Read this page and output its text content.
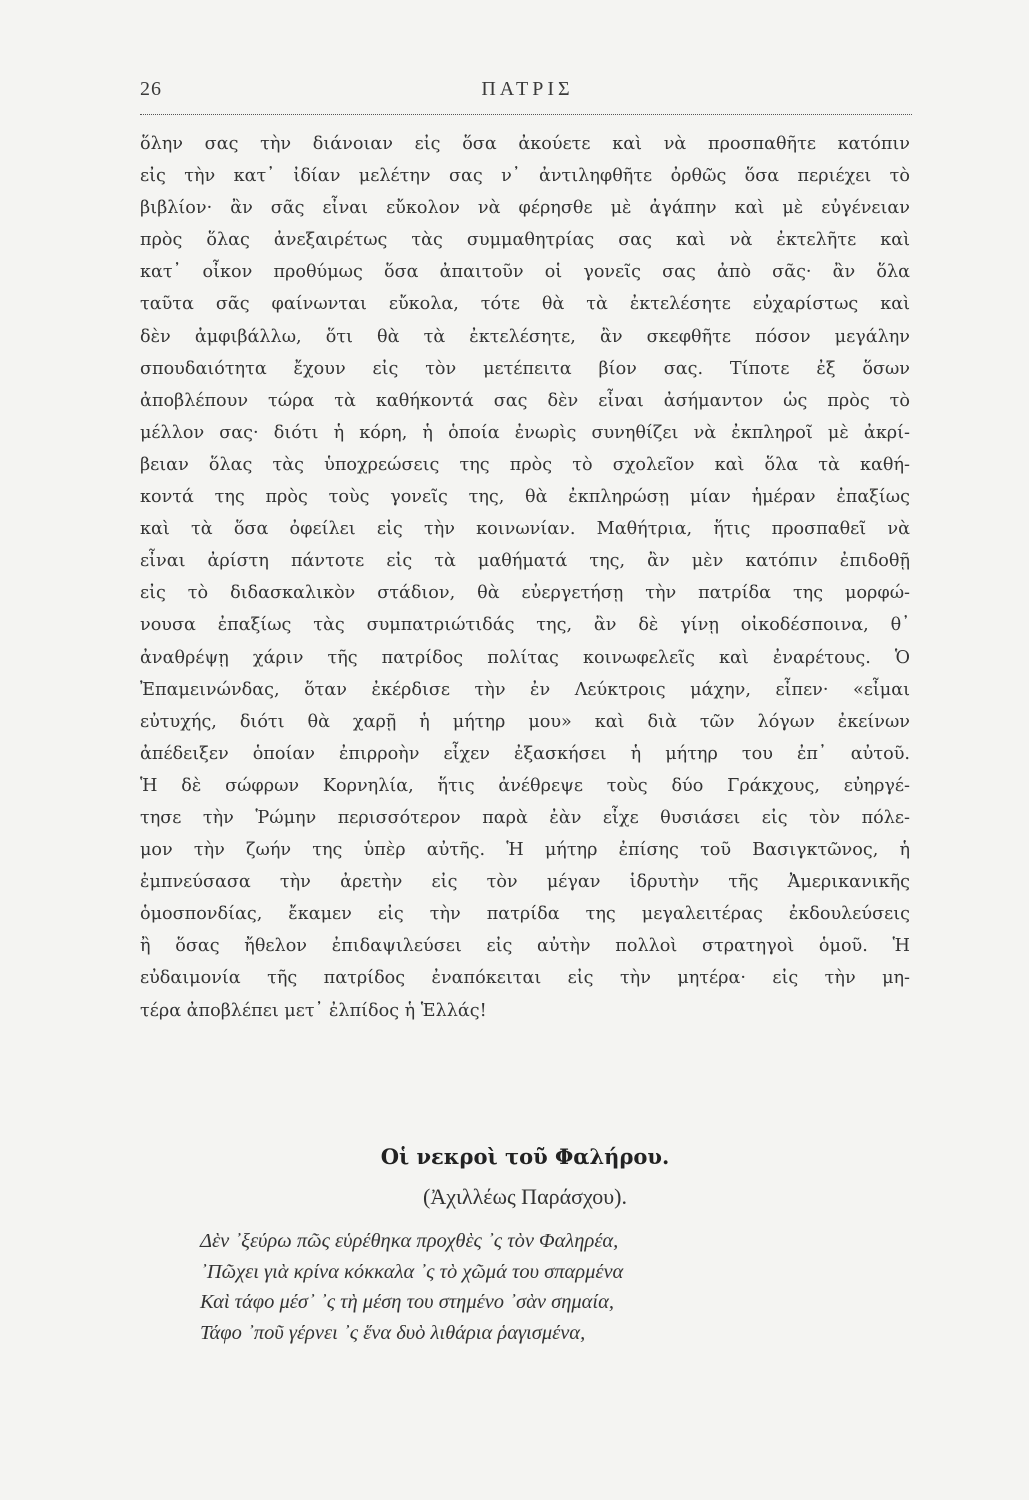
26	ΠΑΤΡΙΣ
ὅλην σας τὴν διάνοιαν εἰς ὅσα ἀκούετε καὶ νὰ προσπαθῆτε κατόπιν
εἰς τὴν κατ᾽ ἰδίαν μελέτην σας ν᾽ ἀντιληφθῆτε ὀρθῶς ὅσα περιέχει τὸ
βιβλίον· ἂν σᾶς εἶναι εὔκολον νὰ φέρησθε μὲ ἀγάπην καὶ μὲ εὐγένειαν
πρὸς ὅλας ἀνεξαιρέτως τὰς συμμαθητρίας σας καὶ νὰ ἐκτελῆτε καὶ
κατ᾽ οἶκον προθύμως ὅσα ἀπαιτοῦν οἱ γονεῖς σας ἀπὸ σᾶς· ἂν ὅλα
ταῦτα σᾶς φαίνωνται εὔκολα, τότε θὰ τὰ ἐκτελέσητε εὐχαρίστως καὶ
δὲν ἀμφιβάλλω, ὅτι θὰ τὰ ἐκτελέσητε, ἂν σκεφθῆτε πόσον μεγάλην
σπουδαιότητα ἔχουν εἰς τὸν μετέπειτα βίον σας. Τίποτε ἐξ ὅσων
ἀποβλέπουν τώρα τὰ καθήκοντά σας δὲν εἶναι ἀσήμαντον ὡς πρὸς τὸ
μέλλον σας· διότι ἡ κόρη, ἡ ὁποία ἐνωρὶς συνηθίζει νὰ ἐκπληροῖ μὲ ἀκρί-
βειαν ὅλας τὰς ὑποχρεώσεις της πρὸς τὸ σχολεῖον καὶ ὅλα τὰ καθή-
κοντά της πρὸς τοὺς γονεῖς της, θὰ ἐκπληρώσῃ μίαν ἡμέραν ἐπαξίως
καὶ τὰ ὅσα ὀφείλει εἰς τὴν κοινωνίαν. Μαθήτρια, ἥτις προσπαθεῖ νὰ
εἶναι ἀρίστη πάντοτε εἰς τὰ μαθήματά της, ἂν μὲν κατόπιν ἐπιδοθῇ
εἰς τὸ διδασκαλικὸν στάδιον, θὰ εὐεργετήσῃ τὴν πατρίδα της μορφώ-
νουσα ἐπαξίως τὰς συμπατριώτιδάς της, ἂν δὲ γίνῃ οἰκοδέσποινα, θ᾽
ἀναθρέψῃ χάριν τῆς πατρίδος πολίτας κοινωφελεῖς καὶ ἐναρέτους. Ὁ
Ἐπαμεινώνδας, ὅταν ἐκέρδισε τὴν ἐν Λεύκτροις μάχην, εἶπεν· «εἶμαι
εὐτυχής, διότι θὰ χαρῇ ἡ μήτηρ μου» καὶ διὰ τῶν λόγων ἐκείνων
ἀπέδειξεν ὁποίαν ἐπιρροὴν εἶχεν ἐξασκήσει ἡ μήτηρ του ἐπ᾽ αὐτοῦ.
Ἡ δὲ σώφρων Κορνηλία, ἥτις ἀνέθρεψε τοὺς δύο Γράκχους, εὐηργέ-
τησε τὴν Ῥώμην περισσότερον παρὰ ἐὰν εἶχε θυσιάσει εἰς τὸν πόλε-
μον τὴν ζωήν της ὑπὲρ αὐτῆς. Ἡ μήτηρ ἐπίσης τοῦ Βασιγκτῶνος, ἡ
ἐμπνεύσασα τὴν ἀρετὴν εἰς τὸν μέγαν ἱδρυτὴν τῆς Ἀμερικανικῆς
ὁμοσπονδίας, ἔκαμεν εἰς τὴν πατρίδα της μεγαλειτέρας ἐκδουλεύσεις
ἢ ὅσας ἤθελον ἐπιδαψιλεύσει εἰς αὐτὴν πολλοὶ στρατηγοὶ ὁμοῦ. Ἡ
εὐδαιμονία τῆς πατρίδος ἐναπόκειται εἰς τὴν μητέρα· εἰς τὴν μη-
τέρα ἀποβλέπει μετ᾽ ἐλπίδος ἡ Ἑλλάς!
Οἱ νεκροὶ τοῦ Φαλήρου.
(Ἀχιλλέως Παράσχου).
Δὲν ᾽ξεύρω πῶς εὑρέθηκα προχθὲς ᾽ς τὸν Φαληρέα,
᾽Πῶχει γιὰ κρίνα κόκκαλα ᾽ς τὸ χῶμά του σπαρμένα
Καὶ τάφο μέσ᾽ ᾽ς τὴ μέση του στημένο ᾽σὰν σημαία,
Τάφο ᾽ποῦ γέρνει ᾽ς ἕνα δυὸ λιθάρια ῥαγισμένα,
